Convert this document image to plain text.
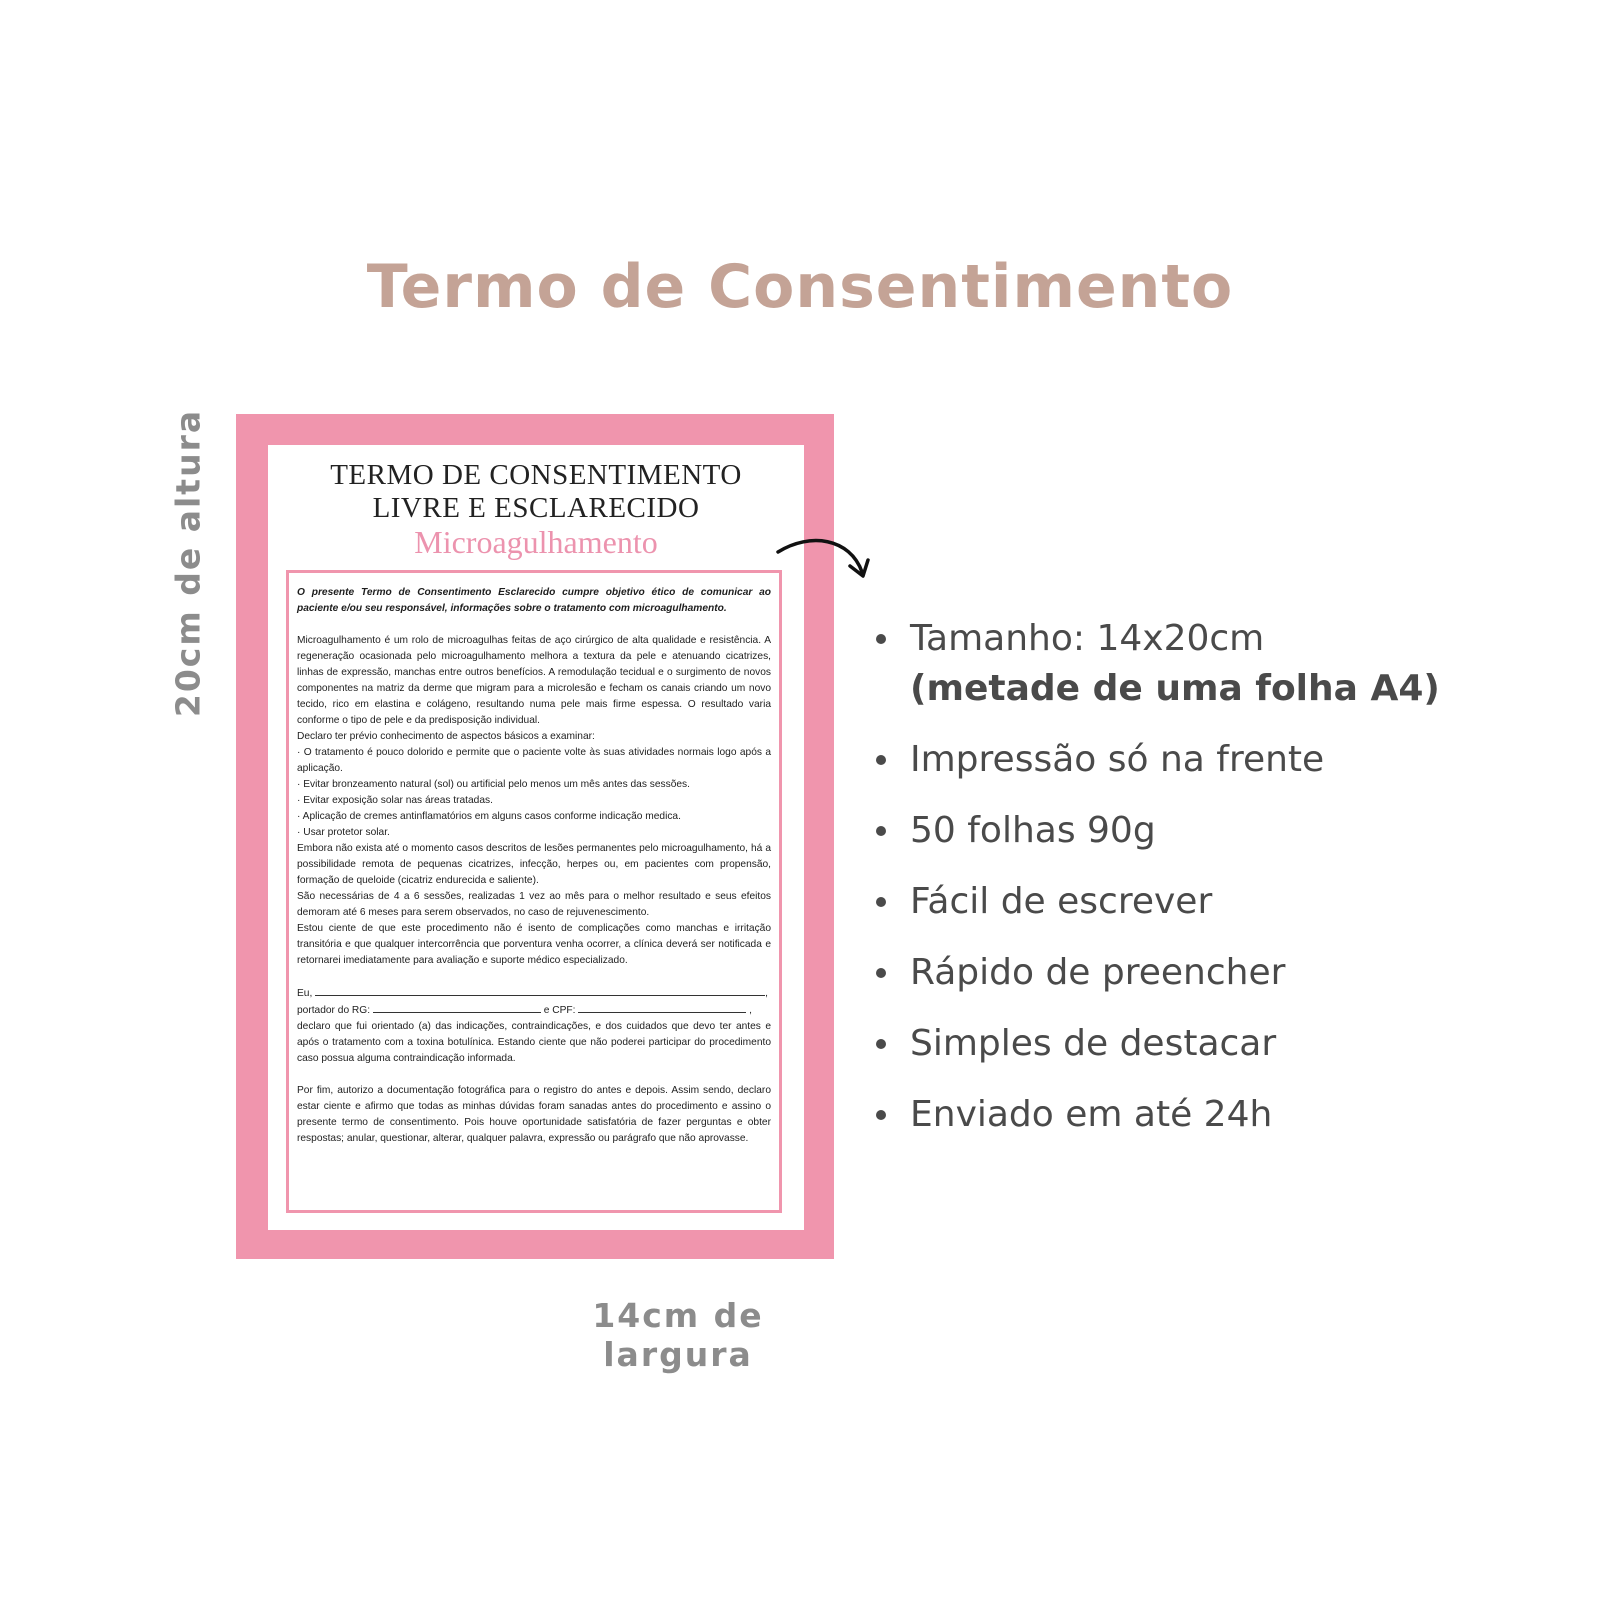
Termo de Consentimento
20cm de altura	TERMO DE CONSENTIMENTO
LIVRE E ESCLARECIDO
Microagulhamento

O presente Termo de Consentimento Esclarecido cumpre objetivo ético de comunicar ao paciente e/ou seu responsável, informações sobre o tratamento com microagulhamento.

Microagulhamento é um rolo de microagulhas feitas de aço cirúrgico de alta qualidade e resistência. A regeneração ocasionada pelo microagulhamento melhora a textura da pele e atenuando cicatrizes, linhas de expressão, manchas entre outros benefícios. A remodulação tecidual e o surgimento de novos componentes na matriz da derme que migram para a microlesão e fecham os canais criando um novo tecido, rico em elastina e colágeno, resultando numa pele mais firme espessa. O resultado varia conforme o tipo de pele e da predisposição individual.

Declaro ter prévio conhecimento de aspectos básicos a examinar:

· O tratamento é pouco dolorido e permite que o paciente volte às suas atividades normais logo após a aplicação.

· Evitar bronzeamento natural (sol) ou artificial pelo menos um mês antes das sessões.

· Evitar exposição solar nas áreas tratadas.

· Aplicação de cremes antinflamatórios em alguns casos conforme indicação medica.

· Usar protetor solar.

Embora não exista até o momento casos descritos de lesões permanentes pelo microagulhamento, há a possibilidade remota de pequenas cicatrizes, infecção, herpes ou, em pacientes com propensão, formação de queloide (cicatriz endurecida e saliente).

São necessárias de 4 a 6 sessões, realizadas 1 vez ao mês para o melhor resultado e seus efeitos demoram até 6 meses para serem observados, no caso de rejuvenescimento.

Estou ciente de que este procedimento não é isento de complicações como manchas e irritação transitória e que qualquer intercorrência que porventura venha ocorrer, a clínica deverá ser notificada e retornarei imediatamente para avaliação e suporte médico especializado.

Eu,	,

portador do RG:	e CPF:	,

declaro que fui orientado (a) das indicações, contraindicações, e dos cuidados que devo ter antes e após o tratamento com a toxina botulínica. Estando ciente que não poderei participar do procedimento caso possua alguma contraindicação informada.

Por fim, autorizo a documentação fotográfica para o registro do antes e depois. Assim sendo, declaro estar ciente e afirmo que todas as minhas dúvidas foram sanadas antes do procedimento e assino o presente termo de consentimento. Pois houve oportunidade satisfatória de fazer perguntas e obter respostas; anular, questionar, alterar, qualquer palavra, expressão ou parágrafo que não aprovasse.

14cm de largura
Tamanho: 14x20cm
(metade de uma folha A4)
Impressão só na frente
50 folhas 90g
Fácil de escrever
Rápido de preencher
Simples de destacar
Enviado em até 24h
